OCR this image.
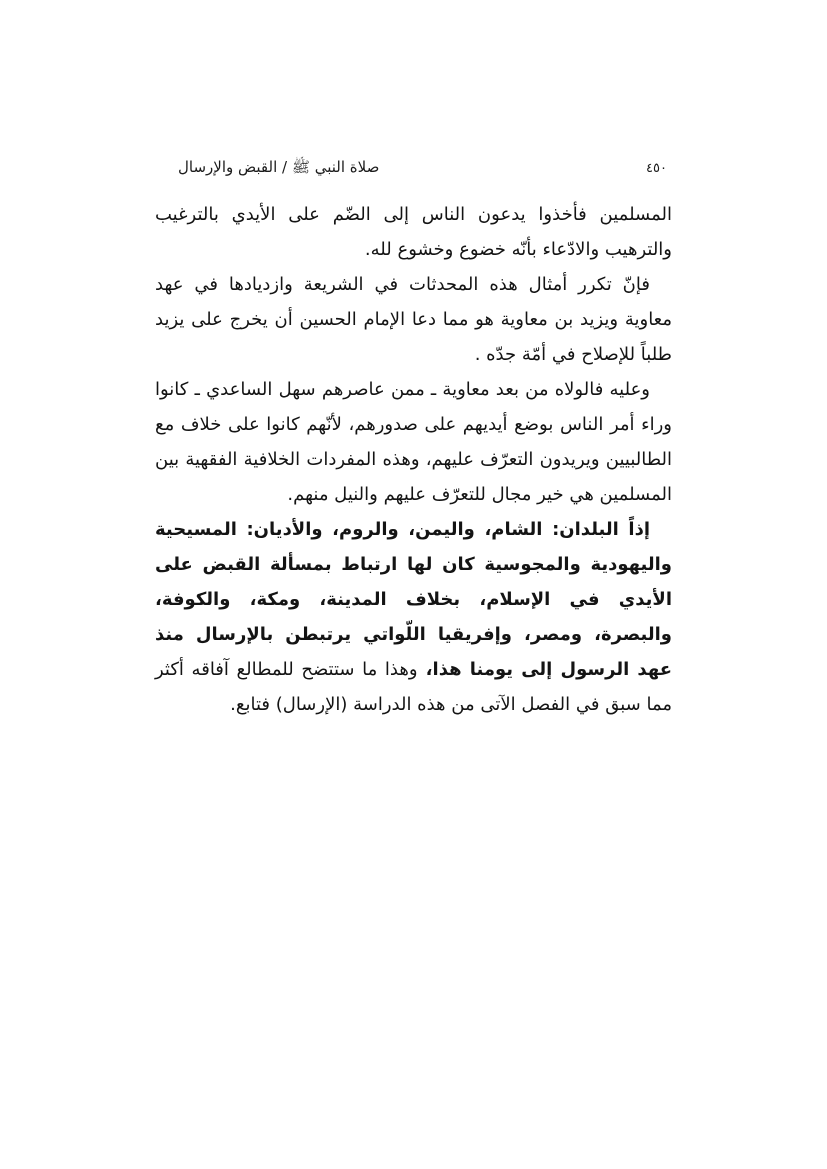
صلاة النبي ﷺ / القبض والإرسال	٤٥٠

المسلمين فأخذوا يدعون الناس إلى الضّم على الأيدي بالترغيب والترهيب والادّعاء بأنّه خضوع وخشوع لله.

فإنّ تكرر أمثال هذه المحدثات في الشريعة وازديادها في عهد معاوية ويزيد بن معاوية هو مما دعا الإمام الحسين أن يخرج على يزيد طلباً للإصلاح في أمّة جدّه .

وعليه فالولاه من بعد معاوية ـ ممن عاصرهم سهل الساعدي ـ كانوا وراء أمر الناس بوضع أيديهم على صدورهم، لأنّهم كانوا على خلاف مع الطالبيين ويريدون التعرّف عليهم، وهذه المفردات الخلافية الفقهية بين المسلمين هي خير مجال للتعرّف عليهم والنيل منهم.

إذاً البلدان: الشام، واليمن، والروم، والأديان: المسيحية واليهودية والمجوسية كان لها ارتباط بمسألة القبض على الأيدي في الإسلام، بخلاف المدينة، ومكة، والكوفة، والبصرة، ومصر، وإفريقيا اللّواتي يرتبطن بالإرسال منذ عهد الرسول إلى يومنا هذا، وهذا ما ستتضح للمطالع آفاقه أكثر مما سبق في الفصل الآتى من هذه الدراسة (الإرسال) فتابع.
